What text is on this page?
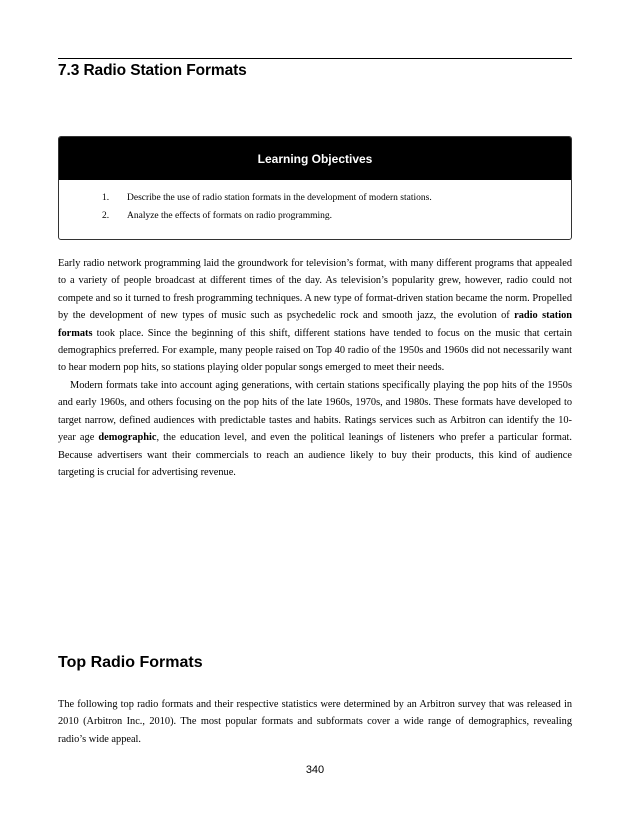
7.3 Radio Station Formats
Learning Objectives
1. Describe the use of radio station formats in the development of modern stations.
2. Analyze the effects of formats on radio programming.

Early radio network programming laid the groundwork for television’s format, with many different programs that appealed to a variety of people broadcast at different times of the day. As television’s popularity grew, however, radio could not compete and so it turned to fresh programming techniques. A new type of format-driven station became the norm. Propelled by the development of new types of music such as psychedelic rock and smooth jazz, the evolution of radio station formats took place. Since the beginning of this shift, different stations have tended to focus on the music that certain demographics preferred. For example, many people raised on Top 40 radio of the 1950s and 1960s did not necessarily want to hear modern pop hits, so stations playing older popular songs emerged to meet their needs.

Modern formats take into account aging generations, with certain stations specifically playing the pop hits of the 1950s and early 1960s, and others focusing on the pop hits of the late 1960s, 1970s, and 1980s. These formats have developed to target narrow, defined audiences with predictable tastes and habits. Ratings services such as Arbitron can identify the 10-year age demographic, the education level, and even the political leanings of listeners who prefer a particular format. Because advertisers want their commercials to reach an audience likely to buy their products, this kind of audience targeting is crucial for advertising revenue.

Top Radio Formats

The following top radio formats and their respective statistics were determined by an Arbitron survey that was released in 2010 (Arbitron Inc., 2010). The most popular formats and subformats cover a wide range of demographics, revealing radio’s wide appeal.

340
